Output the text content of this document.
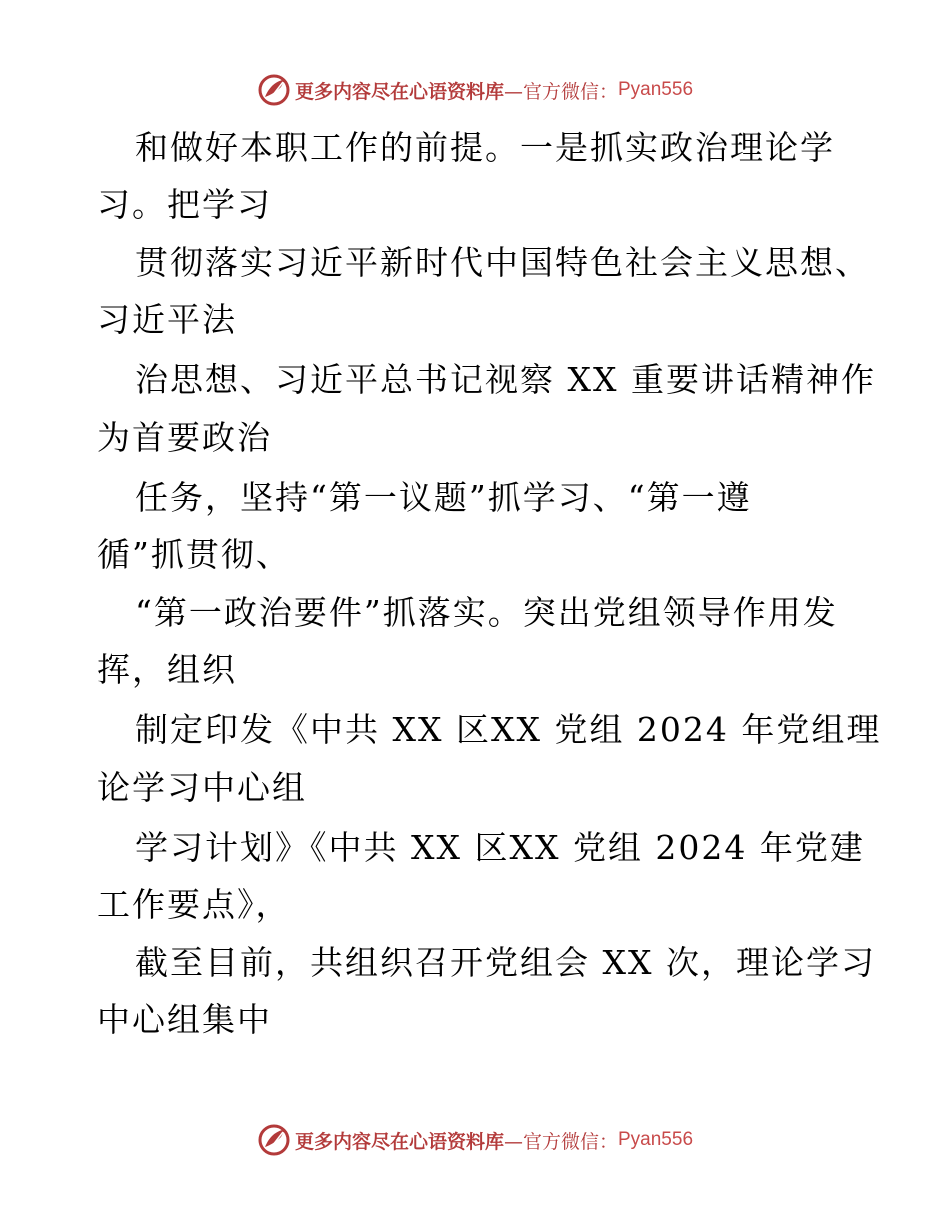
更多内容尽在心语资料库 —官方微信： Pyan556
和做好本职工作的前提。一是抓实政治理论学
习。把学习
贯彻落实习近平新时代中国特色社会主义思想、
习近平法
治思想、习近平总书记视察 XX 重要讲话精神作
为首要政治
任务，坚持“第一议题”抓学习、“第一遵
循”抓贯彻、
“第一政治要件”抓落实。突出党组领导作用发
挥，组织
制定印发《中共 XX 区XX 党组 2024 年党组理
论学习中心组
学习计划》《中共 XX 区XX 党组 2024 年党建
工作要点》，
截至目前，共组织召开党组会 XX 次，理论学习
中心组集中
更多内容尽在心语资料库 —官方微信： Pyan556
